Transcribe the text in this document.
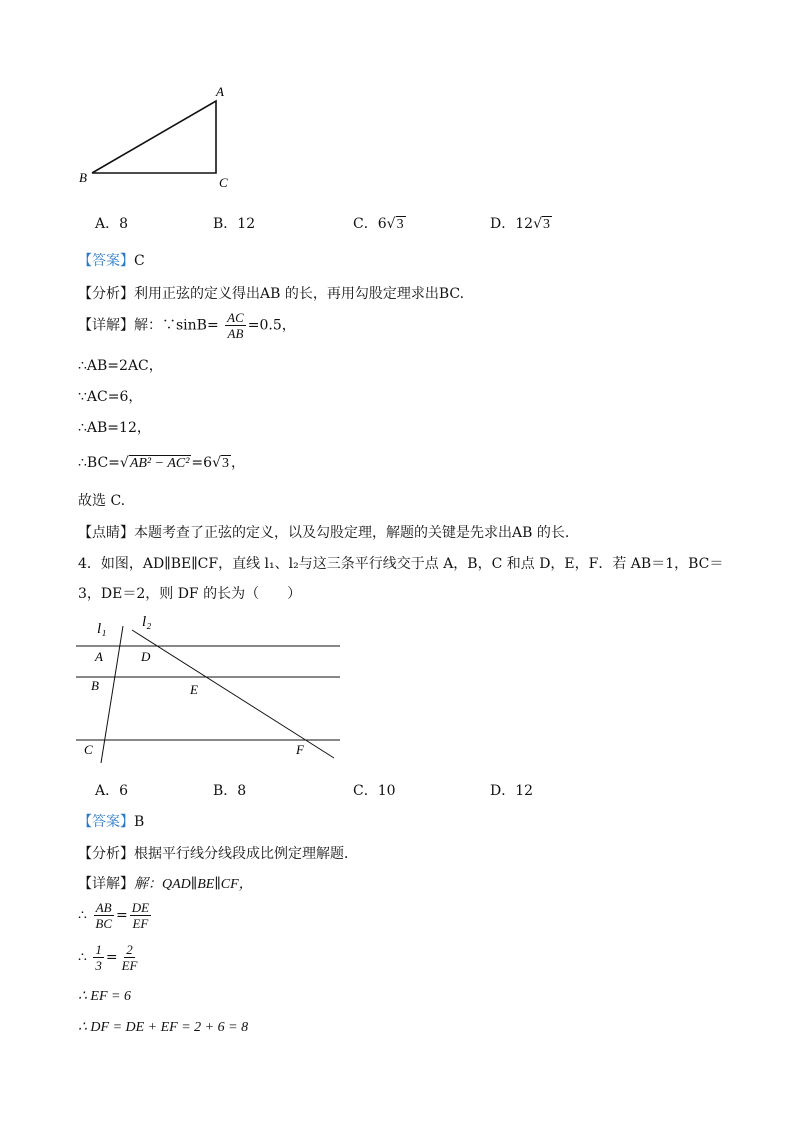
A
B	C
A．8	B．12	C．6√3	D．12√3
【答案】C
【分析】利用正弦的定义得出AB 的长，再用勾股定理求出BC.
【详解】解：∵sinB= $\frac{AC}{AB} =0.5$，
∴AB=2AC，
∵AC=6，
∴AB=12，
∴BC=√AB² − AC² =6√3 ，
故选 C.
【点睛】本题考查了正弦的定义，以及勾股定理，解题的关键是先求出AB 的长.
4．如图，AD∥BE∥CF，直线 l₁、l₂与这三条平行线交于点 A，B，C 和点 D，E，F．若 AB＝1，BC＝
3，DE＝2，则 DF 的长为（　　）
l₁ l₂
A	D
B	E
C	F
A．6	B．8	C．10	D．12
【答案】B
【分析】根据平行线分线段成比例定理解题．
【详解】解：QAD∥BE∥CF，
∴ $\frac{AB}{BC} = \frac{DE}{EF}$
∴ $\frac{1}{3} = \frac{2}{EF}$
∴ EF = 6
∴ DF = DE + EF = 2 + 6 = 8
